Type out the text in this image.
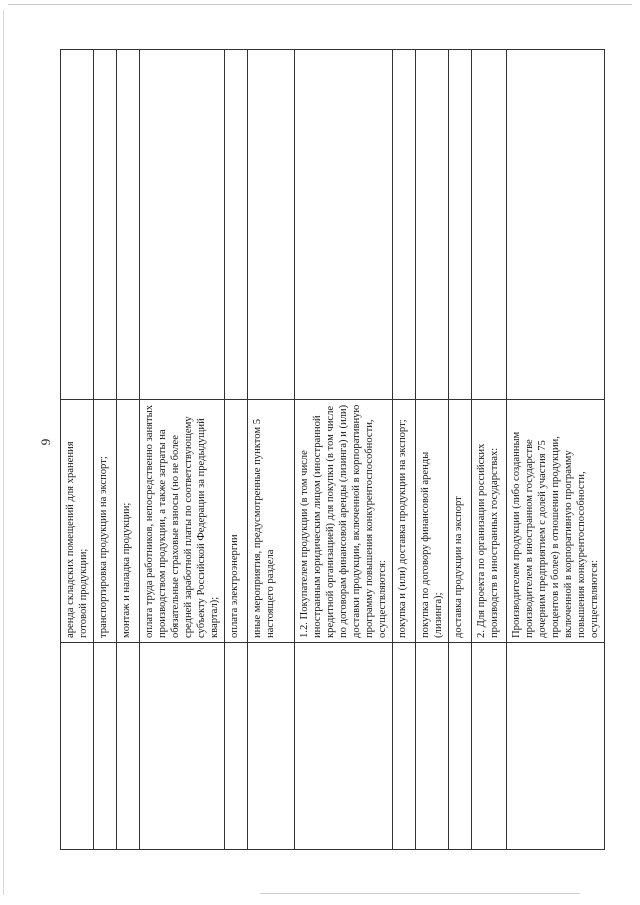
9

	аренда складских помещений для хранения готовой продукции;	

	транспортировка продукции на экспорт;	

	монтаж и наладка продукции;	

	оплата труда работников, непосредственно занятых производством продукции, а также затраты на обязательные страховые взносы (но не более средней заработной платы по соответствующему субъекту Российской Федерации за предыдущий квартал);	

	оплата электроэнергии	

	иные мероприятия, предусмотренные пунктом 5 настоящего раздела	

	1.2. Покупателем продукции (в том числе иностранным юридическим лицом (иностранной кредитной организацией) для покупки (в том числе по договорам финансовой аренды (лизинга) и (или) доставки продукции, включенной в корпоративную программу повышения конкурентоспособности, осуществляются:	

	покупка и (или) доставка продукции на экспорт;	

	покупка по договору финансовой аренды (лизинга);	

	доставка продукции на экспорт	

	2. Для проекта по организации российских производств в иностранных государствах:	

	Производителем продукции (либо созданным производителем в иностранном государстве дочерним предприятием с долей участия 75 процентов и более) в отношении продукции, включенной в корпоративную программу повышения конкурентоспособности, осуществляются:	
